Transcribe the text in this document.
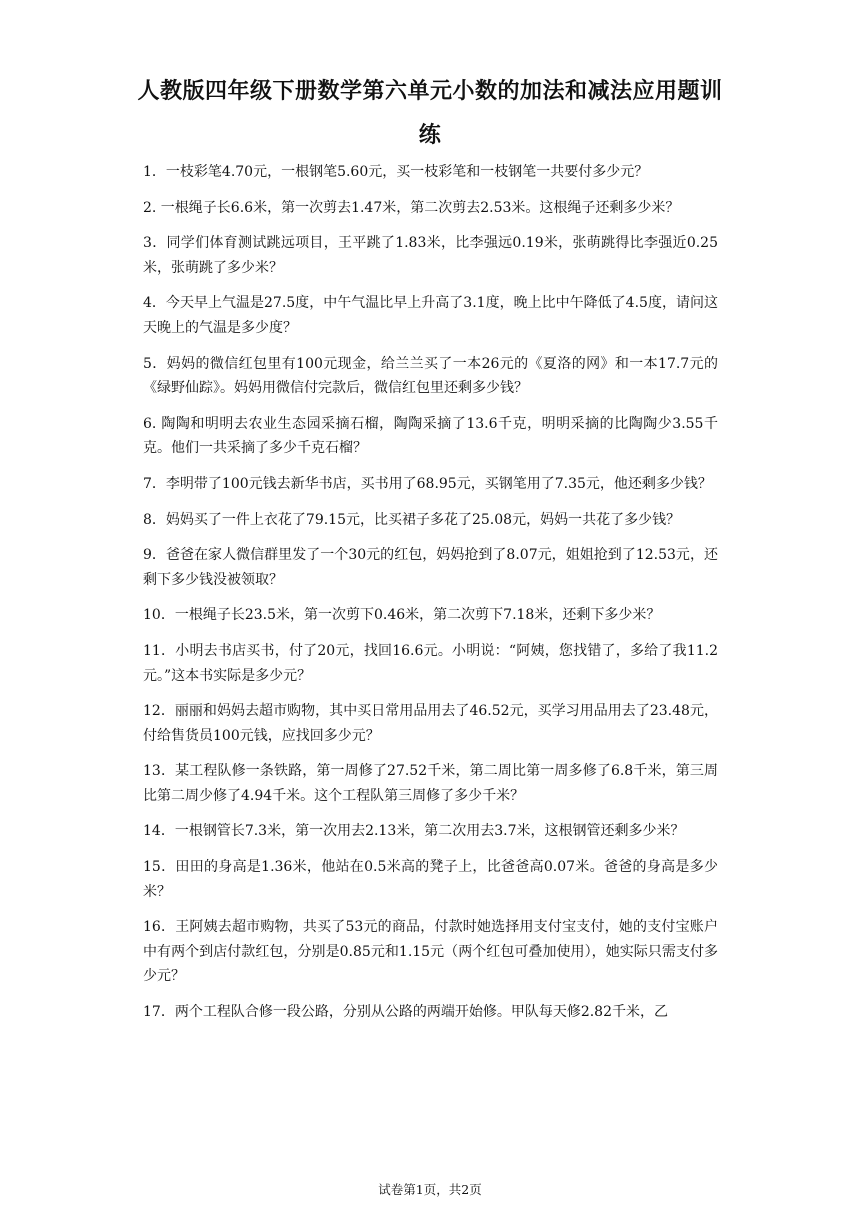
人教版四年级下册数学第六单元小数的加法和减法应用题训练

1．一枝彩笔4.70元，一根钢笔5.60元，买一枝彩笔和一枝钢笔一共要付多少元？

2. 一根绳子长6.6米，第一次剪去1.47米，第二次剪去2.53米。这根绳子还剩多少米？

3．同学们体育测试跳远项目，王平跳了1.83米，比李强远0.19米，张萌跳得比李强近0.25米，张萌跳了多少米？

4．今天早上气温是27.5度，中午气温比早上升高了3.1度，晚上比中午降低了4.5度，请问这天晚上的气温是多少度？

5．妈妈的微信红包里有100元现金，给兰兰买了一本26元的《夏洛的网》和一本17.7元的《绿野仙踪》。妈妈用微信付完款后，微信红包里还剩多少钱？

6. 陶陶和明明去农业生态园采摘石榴，陶陶采摘了13.6千克，明明采摘的比陶陶少3.55千克。他们一共采摘了多少千克石榴？

7．李明带了100元钱去新华书店，买书用了68.95元，买钢笔用了7.35元，他还剩多少钱？

8．妈妈买了一件上衣花了79.15元，比买裙子多花了25.08元，妈妈一共花了多少钱？

9．爸爸在家人微信群里发了一个30元的红包，妈妈抢到了8.07元，姐姐抢到了12.53元，还剩下多少钱没被领取？

10．一根绳子长23.5米，第一次剪下0.46米，第二次剪下7.18米，还剩下多少米？

11．小明去书店买书，付了20元，找回16.6元。小明说：“阿姨，您找错了，多给了我11.2元。”这本书实际是多少元？

12．丽丽和妈妈去超市购物，其中买日常用品用去了46.52元，买学习用品用去了23.48元，付给售货员100元钱，应找回多少元？

13．某工程队修一条铁路，第一周修了27.52千米，第二周比第一周多修了6.8千米，第三周比第二周少修了4.94千米。这个工程队第三周修了多少千米？

14．一根钢管长7.3米，第一次用去2.13米，第二次用去3.7米，这根钢管还剩多少米？

15．田田的身高是1.36米，他站在0.5米高的凳子上，比爸爸高0.07米。爸爸的身高是多少米？

16．王阿姨去超市购物，共买了53元的商品，付款时她选择用支付宝支付，她的支付宝账户中有两个到店付款红包，分别是0.85元和1.15元（两个红包可叠加使用），她实际只需支付多少元？

17．两个工程队合修一段公路，分别从公路的两端开始修。甲队每天修2.82千米，乙

试卷第1页，共2页
